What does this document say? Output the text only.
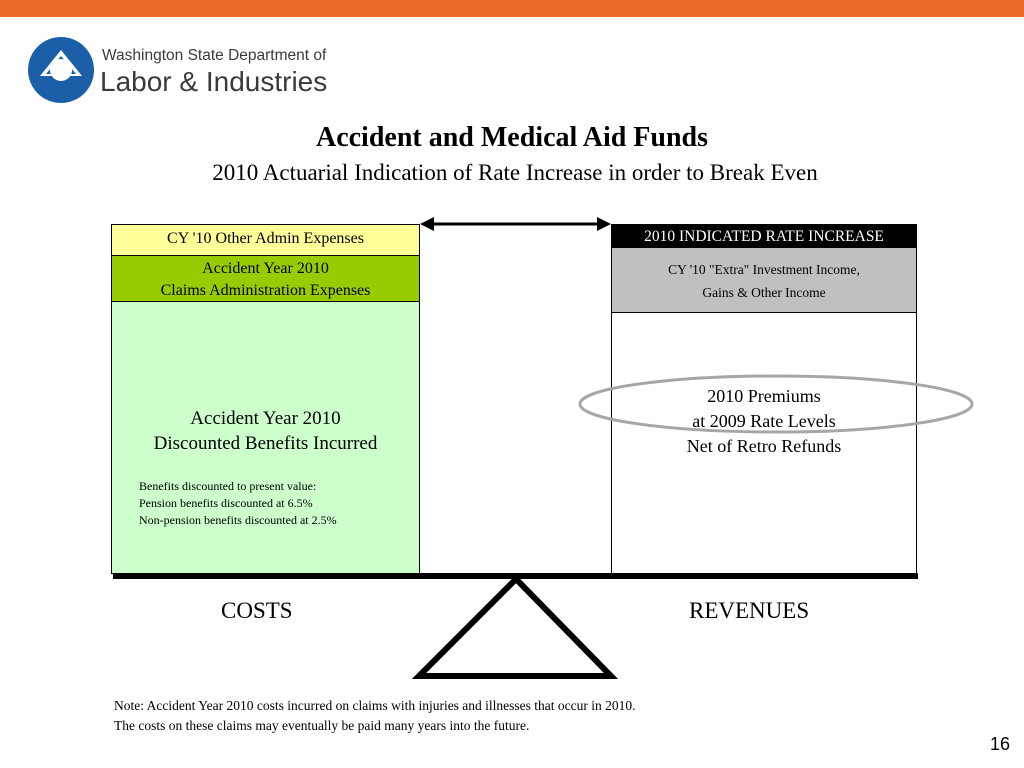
Washington State Department of
Labor & Industries
Accident and Medical Aid Funds
2010 Actuarial Indication of Rate Increase in order to Break Even
CY '10 Other Admin Expenses
Accident Year 2010
Claims Administration Expenses
Accident Year 2010
Discounted Benefits Incurred
Benefits discounted to present value:
Pension benefits discounted at 6.5%
Non-pension benefits discounted at 2.5%
2010 INDICATED RATE INCREASE
CY '10 "Extra" Investment Income,
Gains & Other Income
2010 Premiums
at 2009 Rate Levels
Net of Retro Refunds
COSTS	REVENUES
Note: Accident Year 2010 costs incurred on claims with injuries and illnesses that occur in 2010.
The costs on these claims may eventually be paid many years into the future.
16
